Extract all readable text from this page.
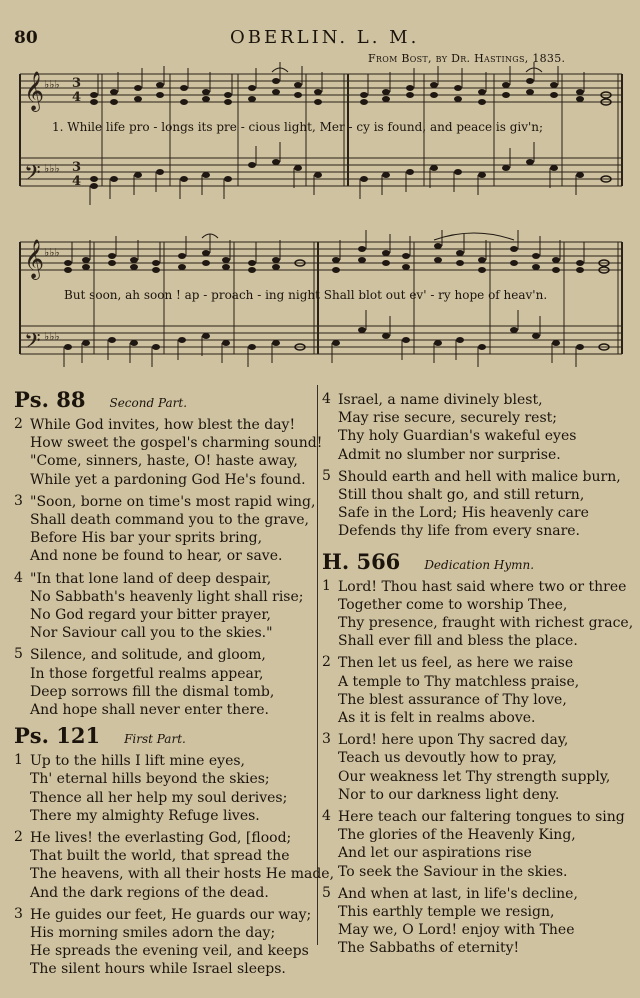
80	OBERLIN. L. M.
From Bost, by Dr. Hastings, 1835.
𝄞
𝄢
♭♭♭
♭♭♭
3
4
3
4
1. While life pro - longs its pre - cious light, Mer - cy is found, and peace is giv'n;
𝄞
𝄢
♭♭♭
♭♭♭
But soon, ah soon ! ap - proach - ing night Shall blot out ev' - ry hope of heav'n.
Ps. 88 Second Part.
2 While God invites, how blest the day!
How sweet the gospel's charming sound!
"Come, sinners, haste, O! haste away,
While yet a pardoning God He's found.
3 "Soon, borne on time's most rapid wing,
Shall death command you to the grave,
Before His bar your sprits bring,
And none be found to hear, or save.
4 "In that lone land of deep despair,
No Sabbath's heavenly light shall rise;
No God regard your bitter prayer,
Nor Saviour call you to the skies."
5 Silence, and solitude, and gloom,
In those forgetful realms appear,
Deep sorrows fill the dismal tomb,
And hope shall never enter there.
Ps. 121 First Part.
1 Up to the hills I lift mine eyes,
Th' eternal hills beyond the skies;
Thence all her help my soul derives;
There my almighty Refuge lives.
2 He lives! the everlasting God, [flood;
That built the world, that spread the
The heavens, with all their hosts He made,
And the dark regions of the dead.
3 He guides our feet, He guards our way;
His morning smiles adorn the day;
He spreads the evening veil, and keeps
The silent hours while Israel sleeps.
4 Israel, a name divinely blest,
May rise secure, securely rest;
Thy holy Guardian's wakeful eyes
Admit no slumber nor surprise.
5 Should earth and hell with malice burn,
Still thou shalt go, and still return,
Safe in the Lord; His heavenly care
Defends thy life from every snare.
H. 566 Dedication Hymn.
1 Lord! Thou hast said where two or three
Together come to worship Thee,
Thy presence, fraught with richest grace,
Shall ever fill and bless the place.
2 Then let us feel, as here we raise
A temple to Thy matchless praise,
The blest assurance of Thy love,
As it is felt in realms above.
3 Lord! here upon Thy sacred day,
Teach us devoutly how to pray,
Our weakness let Thy strength supply,
Nor to our darkness light deny.
4 Here teach our faltering tongues to sing
The glories of the Heavenly King,
And let our aspirations rise
To seek the Saviour in the skies.
5 And when at last, in life's decline,
This earthly temple we resign,
May we, O Lord! enjoy with Thee
The Sabbaths of eternity!
